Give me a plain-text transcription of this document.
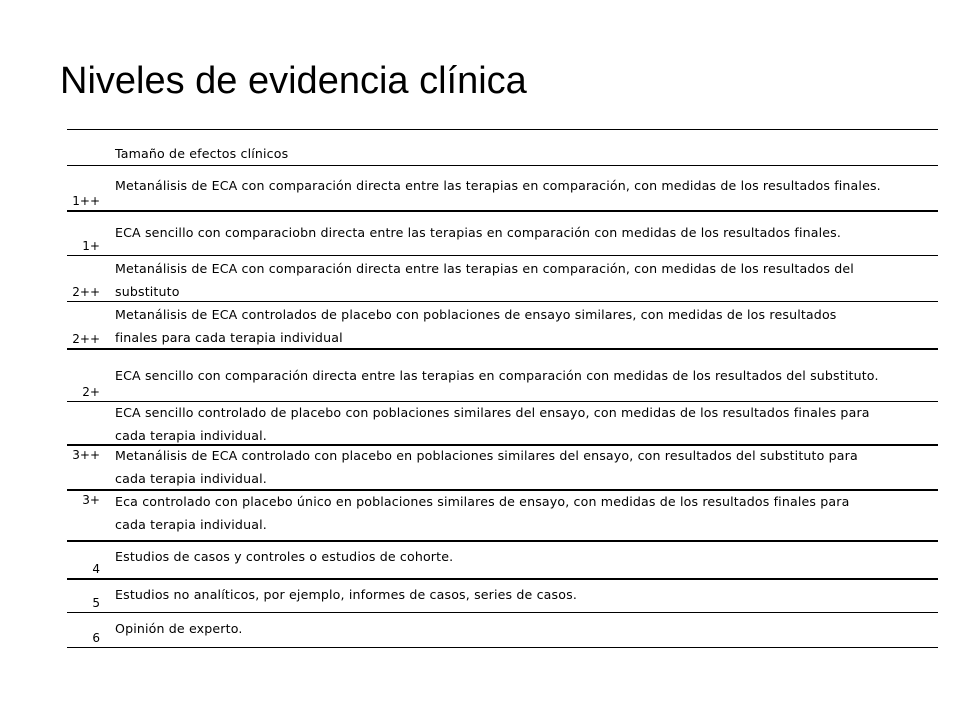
Niveles de evidencia clínica
Tamaño de efectos clínicos
1++
Metanálisis de ECA con comparación directa entre las terapias en comparación, con medidas de los resultados finales.
1+
ECA sencillo con comparaciobn directa entre las terapias en comparación con medidas de los resultados finales.
2++
Metanálisis de ECA con comparación directa entre las terapias en comparación, con medidas de los resultados del
substituto
2++
Metanálisis de ECA controlados de placebo con poblaciones de ensayo similares, con medidas de los resultados
finales para cada terapia individual
2+
ECA sencillo con comparación directa entre las terapias en comparación con medidas de los resultados del substituto.
ECA sencillo controlado de placebo con poblaciones similares del ensayo, con medidas de los resultados finales para
cada terapia individual.
3++ Metanálisis de ECA controlado con placebo en poblaciones similares del ensayo, con resultados del substituto para
cada terapia individual.
3+ Eca controlado con placebo único en poblaciones similares de ensayo, con medidas de los resultados finales para
cada terapia individual.
4
Estudios de casos y controles o estudios de cohorte.
5
Estudios no analíticos, por ejemplo, informes de casos, series de casos.
6
Opinión de experto.
